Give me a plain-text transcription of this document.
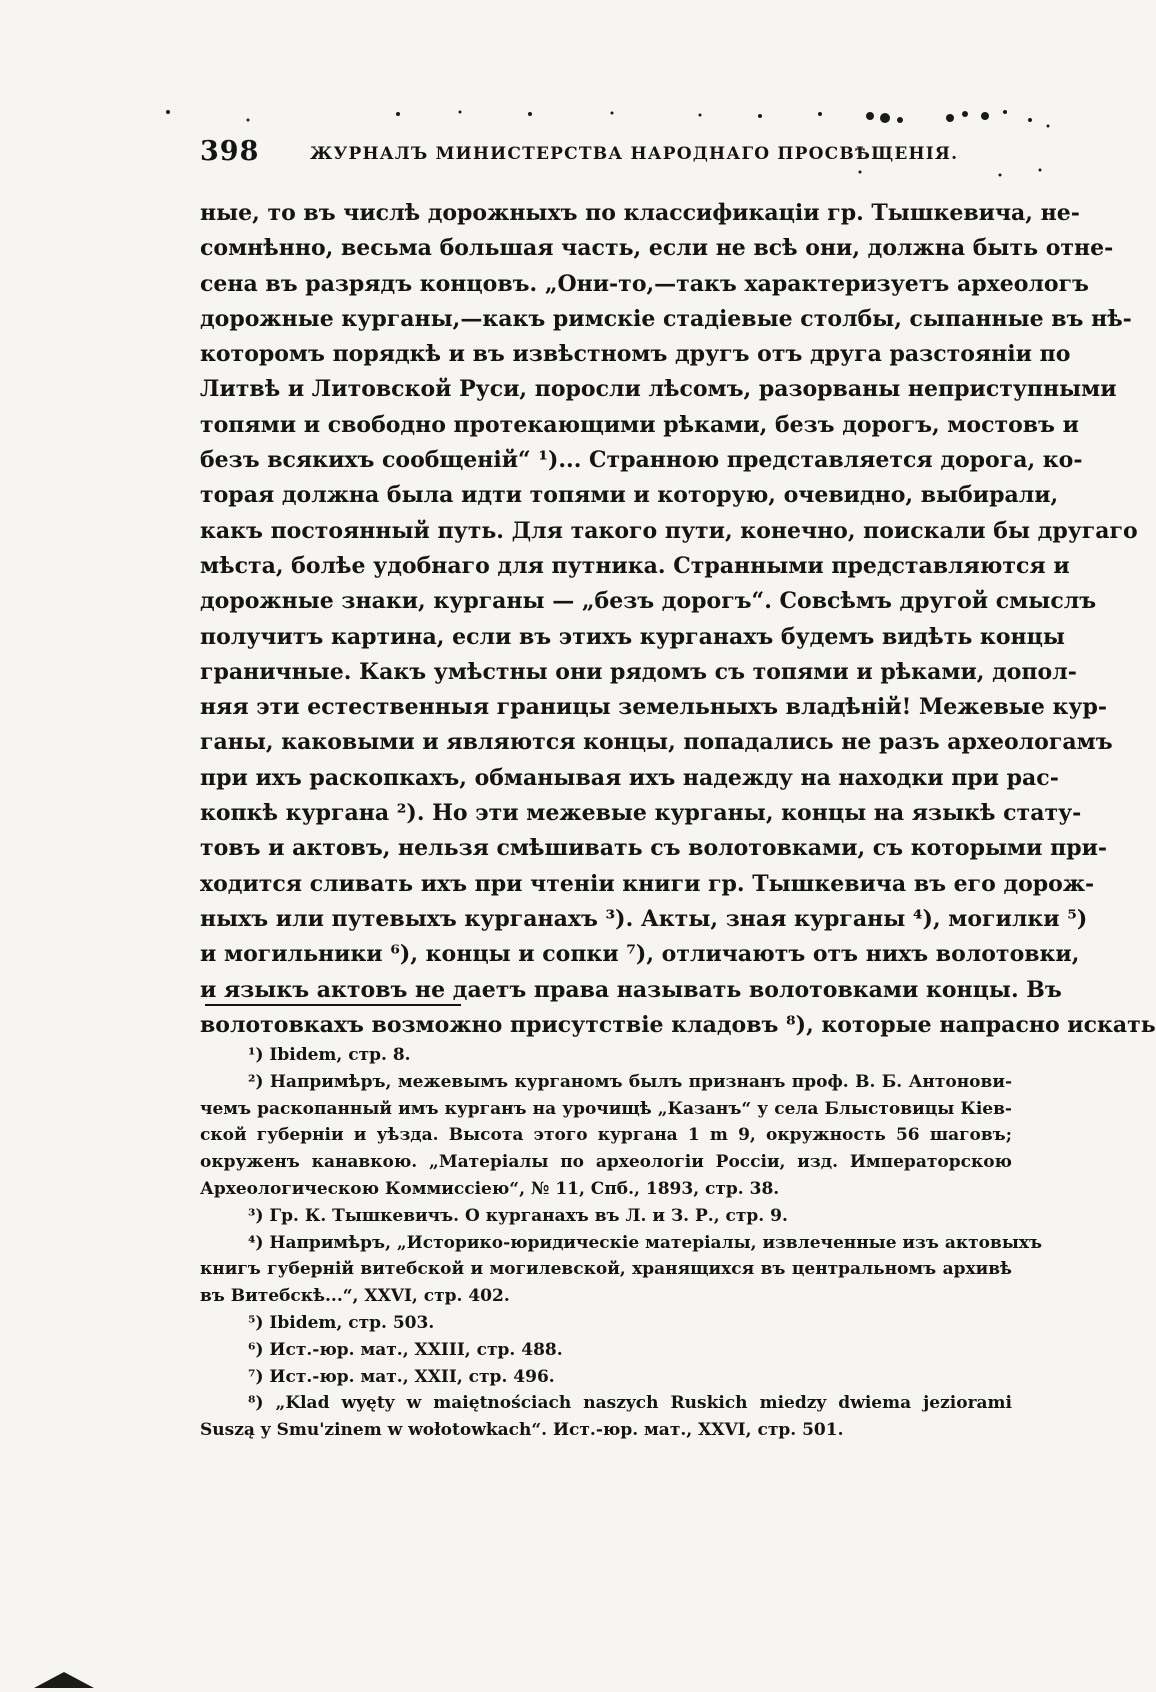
398	ЖУРНАЛЪ МИНИСТЕРСТВА НАРОДНАГО ПРОСВѢЩЕНІЯ.
ные, то въ числѣ дорожныхъ по классификаціи гр. Тышкевича, не-
сомнѣнно, весьма большая часть, если не всѣ они, должна быть отне-
сена въ разрядъ концовъ. „Они-то,—такъ характеризуетъ археологъ
дорожные курганы,—какъ римскіе стадіевые столбы, сыпанные въ нѣ-
которомъ порядкѣ и въ извѣстномъ другъ отъ друга разстояніи по
Литвѣ и Литовской Руси, поросли лѣсомъ, разорваны неприступными
топями и свободно протекающими рѣками, безъ дорогъ, мостовъ и
безъ всякихъ сообщеній“ ¹)... Странною представляется дорога, ко-
торая должна была идти топями и которую, очевидно, выбирали,
какъ постоянный путь. Для такого пути, конечно, поискали бы другаго
мѣста, болѣе удобнаго для путника. Странными представляются и
дорожные знаки, курганы — „безъ дорогъ“. Совсѣмъ другой смыслъ
получитъ картина, если въ этихъ курганахъ будемъ видѣть концы
граничные. Какъ умѣстны они рядомъ съ топями и рѣками, допол-
няя эти естественныя границы земельныхъ владѣній! Межевые кур-
ганы, каковыми и являются концы, попадались не разъ археологамъ
при ихъ раскопкахъ, обманывая ихъ надежду на находки при рас-
копкѣ кургана ²). Но эти межевые курганы, концы на языкѣ стату-
товъ и актовъ, нельзя смѣшивать съ волотовками, съ которыми при-
ходится сливать ихъ при чтеніи книги гр. Тышкевича въ его дорож-
ныхъ или путевыхъ курганахъ ³). Акты, зная курганы ⁴), могилки ⁵)
и могильники ⁶), концы и сопки ⁷), отличаютъ отъ нихъ волотовки,
и языкъ актовъ не даетъ права называть волотовками концы. Въ
волотовкахъ возможно присутствіе кладовъ ⁸), которые напрасно искать
¹) Ibidem, стр. 8.
²) Напримѣръ, межевымъ курганомъ былъ признанъ проф. В. Б. Антонови-
чемъ раскопанный имъ курганъ на урочищѣ „Казанъ“ у села Блыстовицы Кіев-
ской губерніи и уѣзда. Высота этого кургана 1 m 9, окружность 56 шаговъ;
окруженъ канавкою. „Матеріалы по археологіи Россіи, изд. Императорскою
Археологическою Коммиссіею“, № 11, Спб., 1893, стр. 38.
³) Гр. К. Тышкевичъ. О курганахъ въ Л. и З. Р., стр. 9.
⁴) Напримѣръ, „Историко-юридическіе матеріалы, извлеченные изъ актовыхъ
книгъ губерній витебской и могилевской, хранящихся въ центральномъ архивѣ
въ Витебскѣ...“, XXVI, стр. 402.
⁵) Ibidem, стр. 503.
⁶) Ист.-юр. мат., XXIII, стр. 488.
⁷) Ист.-юр. мат., XXII, стр. 496.
⁸) „Klad wyęty w maiętnościach naszych Ruskich miedzy dwiema jeziorami
Suszą y Smu'zinem w wołotowkach“. Ист.-юр. мат., XXVI, стр. 501.
